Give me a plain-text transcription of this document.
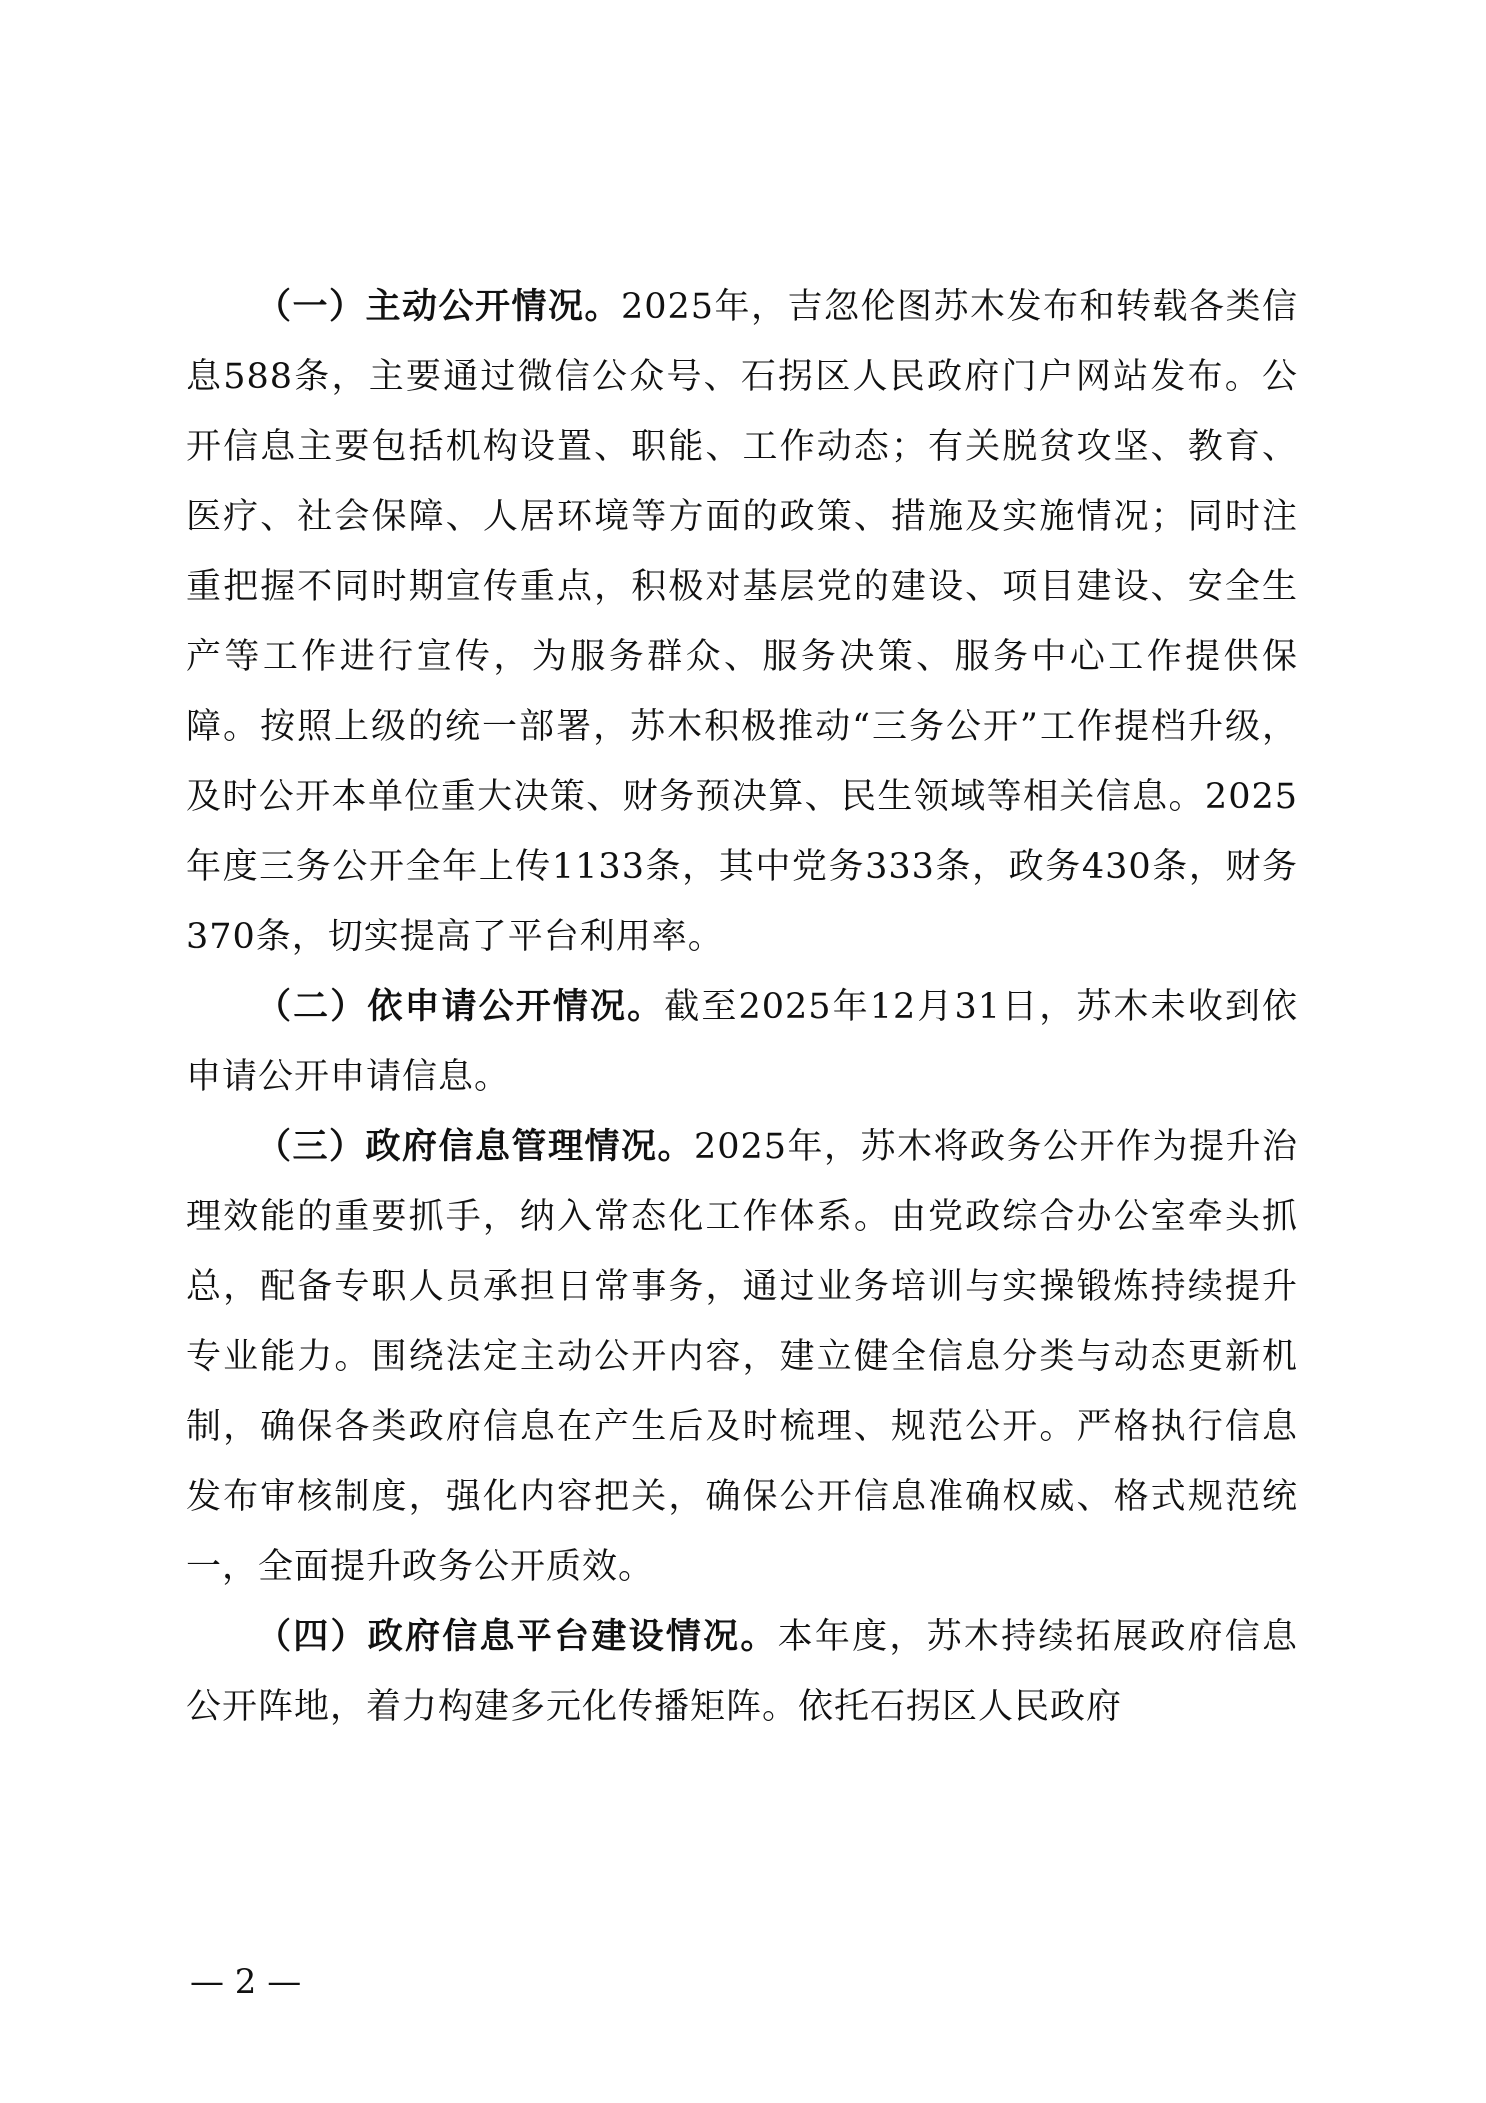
（一）主动公开情况。2025年，吉忽伦图苏木发布和转载各类信息588条，主要通过微信公众号、石拐区人民政府门户网站发布。公开信息主要包括机构设置、职能、工作动态；有关脱贫攻坚、教育、医疗、社会保障、人居环境等方面的政策、措施及实施情况；同时注重把握不同时期宣传重点，积极对基层党的建设、项目建设、安全生产等工作进行宣传，为服务群众、服务决策、服务中心工作提供保障。按照上级的统一部署，苏木积极推动“三务公开”工作提档升级，及时公开本单位重大决策、财务预决算、民生领域等相关信息。2025年度三务公开全年上传1133条，其中党务333条，政务430条，财务370条，切实提高了平台利用率。

（二）依申请公开情况。截至2025年12月31日，苏木未收到依申请公开申请信息。

（三）政府信息管理情况。2025年，苏木将政务公开作为提升治理效能的重要抓手，纳入常态化工作体系。由党政综合办公室牵头抓总，配备专职人员承担日常事务，通过业务培训与实操锻炼持续提升专业能力。围绕法定主动公开内容，建立健全信息分类与动态更新机制，确保各类政府信息在产生后及时梳理、规范公开。严格执行信息发布审核制度，强化内容把关，确保公开信息准确权威、格式规范统一，全面提升政务公开质效。

（四）政府信息平台建设情况。本年度，苏木持续拓展政府信息公开阵地，着力构建多元化传播矩阵。依托石拐区人民政府

— 2 —
